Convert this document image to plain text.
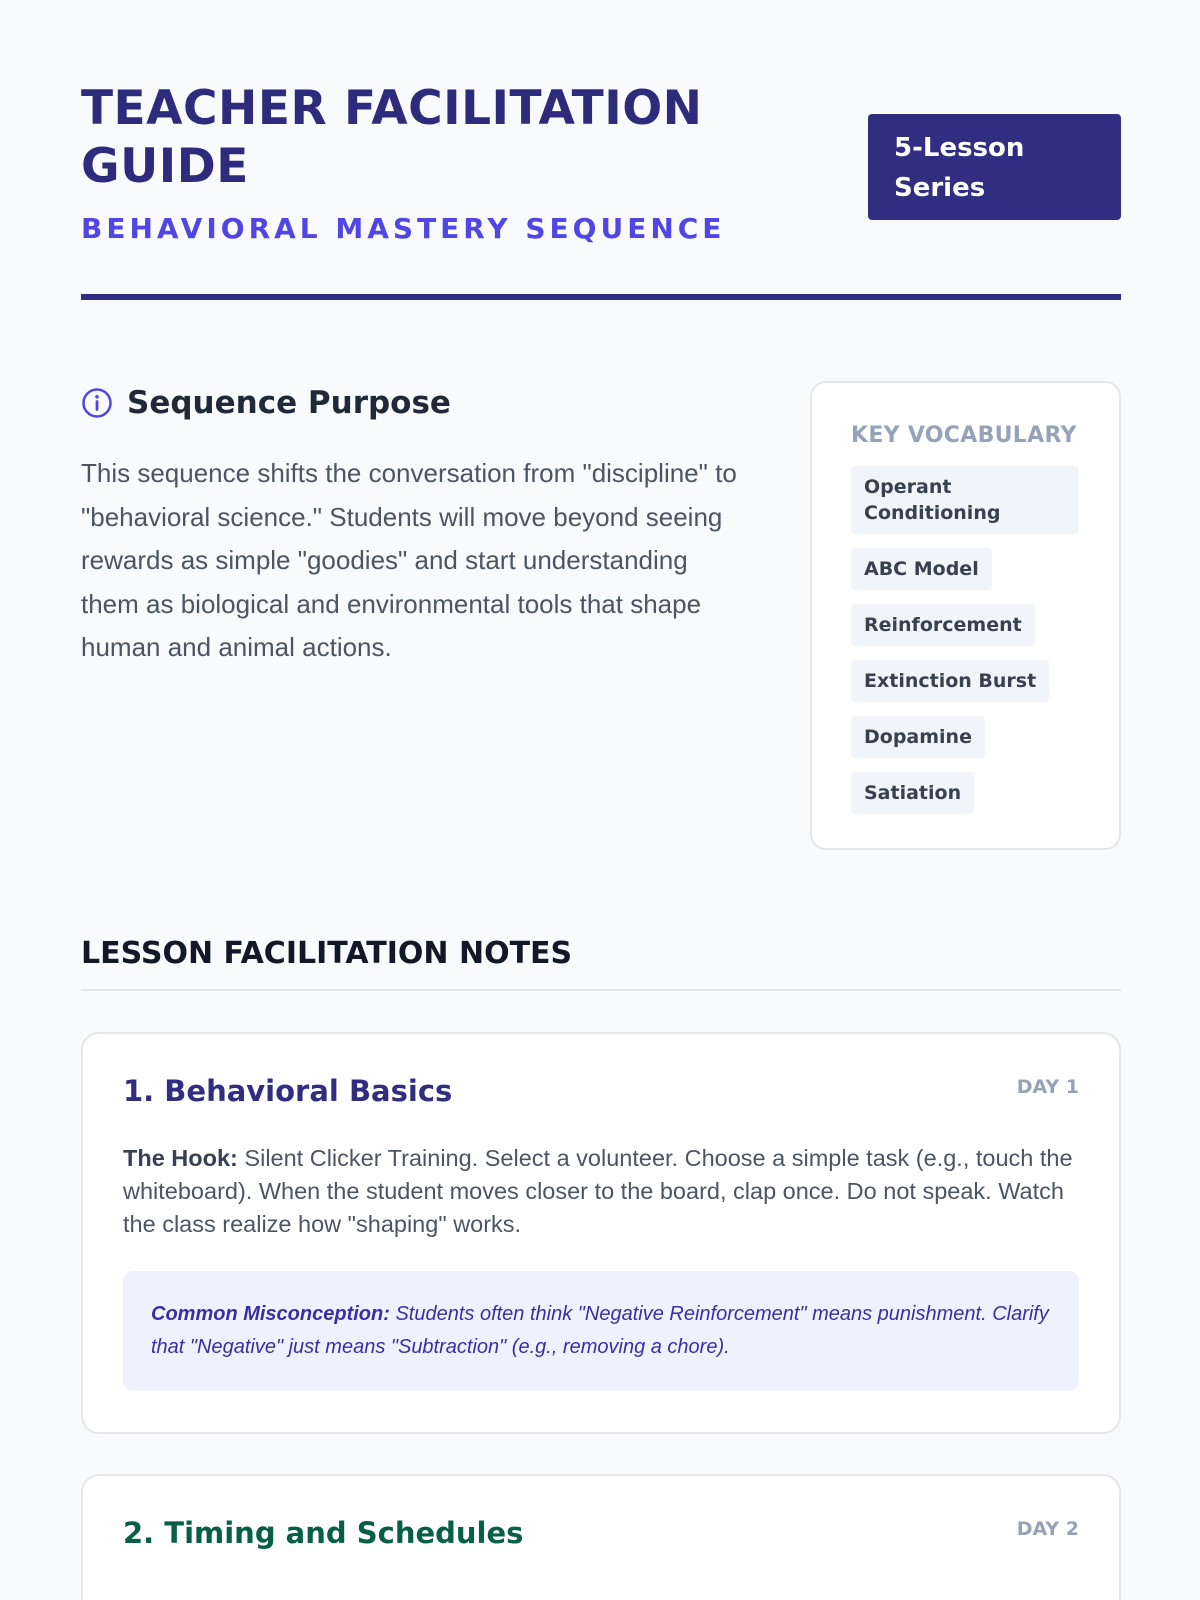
TEACHER FACILITATION GUIDE
BEHAVIORAL MASTERY SEQUENCE
5-Lesson Series
Sequence Purpose

This sequence shifts the conversation from "discipline" to "behavioral science." Students will move beyond seeing rewards as simple "goodies" and start understanding them as biological and environmental tools that shape human and animal actions.

KEY VOCABULARY
Operant Conditioning
ABC Model
Reinforcement
Extinction Burst
Dopamine
Satiation
LESSON FACILITATION NOTES
1. Behavioral Basics	DAY 1

The Hook: Silent Clicker Training. Select a volunteer. Choose a simple task (e.g., touch the whiteboard). When the student moves closer to the board, clap once. Do not speak. Watch the class realize how "shaping" works.

Common Misconception: Students often think "Negative Reinforcement" means punishment. Clarify that "Negative" just means "Subtraction" (e.g., removing a chore).
2. Timing and Schedules	DAY 2
